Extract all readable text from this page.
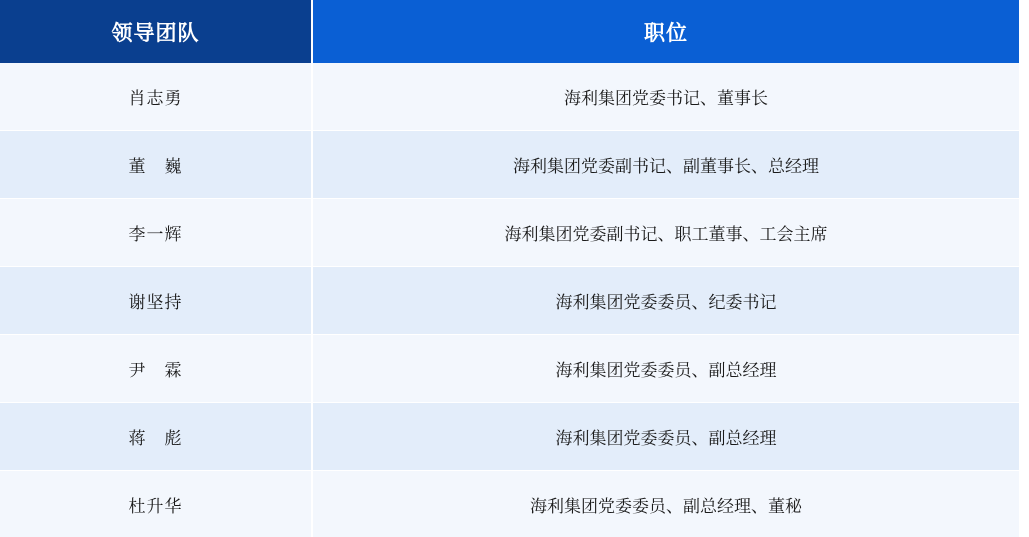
领导团队	职位
肖志勇	海利集团党委书记、董事长
董　巍	海利集团党委副书记、副董事长、总经理
李一辉	海利集团党委副书记、职工董事、工会主席
谢坚持	海利集团党委委员、纪委书记
尹　霖	海利集团党委委员、副总经理
蒋　彪	海利集团党委委员、副总经理
杜升华	海利集团党委委员、副总经理、董秘
